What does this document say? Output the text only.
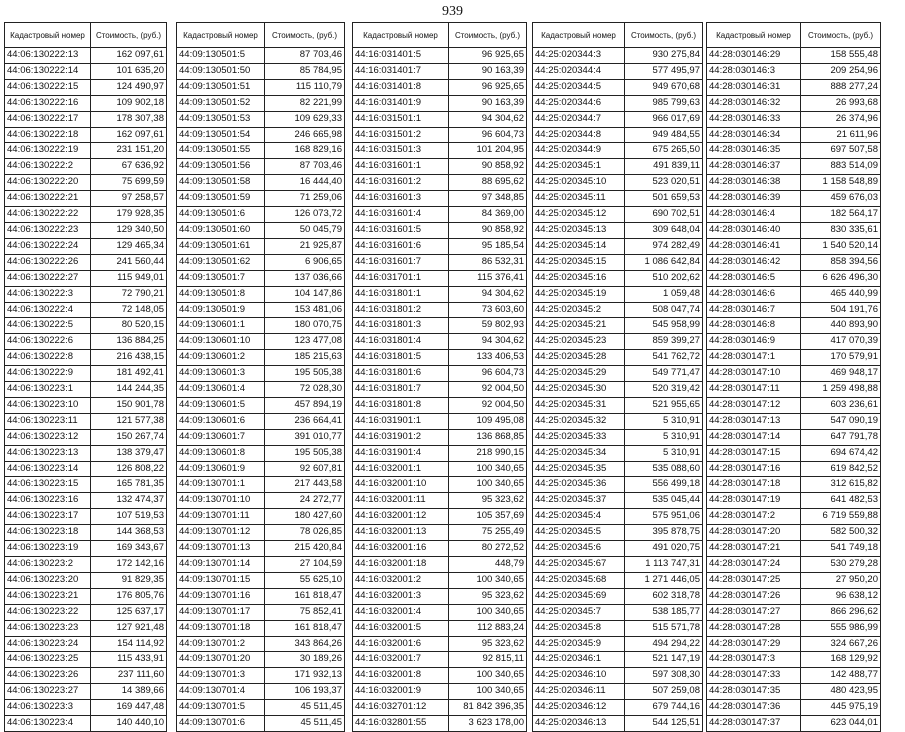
939
Кадастровый номер	Стоимость, (руб.)
44:06:130222:13	162 097,61
44:06:130222:14	101 635,20
44:06:130222:15	124 490,97
44:06:130222:16	109 902,18
44:06:130222:17	178 307,38
44:06:130222:18	162 097,61
44:06:130222:19	231 151,20
44:06:130222:2	67 636,92
44:06:130222:20	75 699,59
44:06:130222:21	97 258,57
44:06:130222:22	179 928,35
44:06:130222:23	129 340,50
44:06:130222:24	129 465,34
44:06:130222:26	241 560,44
44:06:130222:27	115 949,01
44:06:130222:3	72 790,21
44:06:130222:4	72 148,05
44:06:130222:5	80 520,15
44:06:130222:6	136 884,25
44:06:130222:8	216 438,15
44:06:130222:9	181 492,41
44:06:130223:1	144 244,35
44:06:130223:10	150 901,78
44:06:130223:11	121 577,38
44:06:130223:12	150 267,74
44:06:130223:13	138 379,47
44:06:130223:14	126 808,22
44:06:130223:15	165 781,35
44:06:130223:16	132 474,37
44:06:130223:17	107 519,53
44:06:130223:18	144 368,53
44:06:130223:19	169 343,67
44:06:130223:2	172 142,16
44:06:130223:20	91 829,35
44:06:130223:21	176 805,76
44:06:130223:22	125 637,17
44:06:130223:23	127 921,48
44:06:130223:24	154 114,92
44:06:130223:25	115 433,91
44:06:130223:26	237 111,60
44:06:130223:27	14 389,66
44:06:130223:3	169 447,48
44:06:130223:4	140 440,10
Кадастровый номер	Стоимость, (руб.)
44:09:130501:5	87 703,46
44:09:130501:50	85 784,95
44:09:130501:51	115 110,79
44:09:130501:52	82 221,99
44:09:130501:53	109 629,33
44:09:130501:54	246 665,98
44:09:130501:55	168 829,16
44:09:130501:56	87 703,46
44:09:130501:58	16 444,40
44:09:130501:59	71 259,06
44:09:130501:6	126 073,72
44:09:130501:60	50 045,79
44:09:130501:61	21 925,87
44:09:130501:62	6 906,65
44:09:130501:7	137 036,66
44:09:130501:8	104 147,86
44:09:130501:9	153 481,06
44:09:130601:1	180 070,75
44:09:130601:10	123 477,08
44:09:130601:2	185 215,63
44:09:130601:3	195 505,38
44:09:130601:4	72 028,30
44:09:130601:5	457 894,19
44:09:130601:6	236 664,41
44:09:130601:7	391 010,77
44:09:130601:8	195 505,38
44:09:130601:9	92 607,81
44:09:130701:1	217 443,58
44:09:130701:10	24 272,77
44:09:130701:11	180 427,60
44:09:130701:12	78 026,85
44:09:130701:13	215 420,84
44:09:130701:14	27 104,59
44:09:130701:15	55 625,10
44:09:130701:16	161 818,47
44:09:130701:17	75 852,41
44:09:130701:18	161 818,47
44:09:130701:2	343 864,26
44:09:130701:20	30 189,26
44:09:130701:3	171 932,13
44:09:130701:4	106 193,37
44:09:130701:5	45 511,45
44:09:130701:6	45 511,45
Кадастровый номер	Стоимость, (руб.)
44:16:031401:5	96 925,65
44:16:031401:7	90 163,39
44:16:031401:8	96 925,65
44:16:031401:9	90 163,39
44:16:031501:1	94 304,62
44:16:031501:2	96 604,73
44:16:031501:3	101 204,95
44:16:031601:1	90 858,92
44:16:031601:2	88 695,62
44:16:031601:3	97 348,85
44:16:031601:4	84 369,00
44:16:031601:5	90 858,92
44:16:031601:6	95 185,54
44:16:031601:7	86 532,31
44:16:031701:1	115 376,41
44:16:031801:1	94 304,62
44:16:031801:2	73 603,60
44:16:031801:3	59 802,93
44:16:031801:4	94 304,62
44:16:031801:5	133 406,53
44:16:031801:6	96 604,73
44:16:031801:7	92 004,50
44:16:031801:8	92 004,50
44:16:031901:1	109 495,08
44:16:031901:2	136 868,85
44:16:031901:4	218 990,15
44:16:032001:1	100 340,65
44:16:032001:10	100 340,65
44:16:032001:11	95 323,62
44:16:032001:12	105 357,69
44:16:032001:13	75 255,49
44:16:032001:16	80 272,52
44:16:032001:18	448,79
44:16:032001:2	100 340,65
44:16:032001:3	95 323,62
44:16:032001:4	100 340,65
44:16:032001:5	112 883,24
44:16:032001:6	95 323,62
44:16:032001:7	92 815,11
44:16:032001:8	100 340,65
44:16:032001:9	100 340,65
44:16:032701:12	81 842 396,35
44:16:032801:55	3 623 178,00
Кадастровый номер	Стоимость, (руб.)
44:25:020344:3	930 275,84
44:25:020344:4	577 495,97
44:25:020344:5	949 670,68
44:25:020344:6	985 799,63
44:25:020344:7	966 017,69
44:25:020344:8	949 484,55
44:25:020344:9	675 265,50
44:25:020345:1	491 839,11
44:25:020345:10	523 020,51
44:25:020345:11	501 659,53
44:25:020345:12	690 702,51
44:25:020345:13	309 648,04
44:25:020345:14	974 282,49
44:25:020345:15	1 086 642,84
44:25:020345:16	510 202,62
44:25:020345:19	1 059,48
44:25:020345:2	508 047,74
44:25:020345:21	545 958,99
44:25:020345:23	859 399,27
44:25:020345:28	541 762,72
44:25:020345:29	549 771,47
44:25:020345:30	520 319,42
44:25:020345:31	521 955,65
44:25:020345:32	5 310,91
44:25:020345:33	5 310,91
44:25:020345:34	5 310,91
44:25:020345:35	535 088,60
44:25:020345:36	556 499,18
44:25:020345:37	535 045,44
44:25:020345:4	575 951,06
44:25:020345:5	395 878,75
44:25:020345:6	491 020,75
44:25:020345:67	1 113 747,31
44:25:020345:68	1 271 446,05
44:25:020345:69	602 318,78
44:25:020345:7	538 185,77
44:25:020345:8	515 571,78
44:25:020345:9	494 294,22
44:25:020346:1	521 147,19
44:25:020346:10	597 308,30
44:25:020346:11	507 259,08
44:25:020346:12	679 744,16
44:25:020346:13	544 125,51
Кадастровый номер	Стоимость, (руб.)
44:28:030146:29	158 555,48
44:28:030146:3	209 254,96
44:28:030146:31	888 277,24
44:28:030146:32	26 993,68
44:28:030146:33	26 374,96
44:28:030146:34	21 611,96
44:28:030146:35	697 507,58
44:28:030146:37	883 514,09
44:28:030146:38	1 158 548,89
44:28:030146:39	459 676,03
44:28:030146:4	182 564,17
44:28:030146:40	830 335,61
44:28:030146:41	1 540 520,14
44:28:030146:42	858 394,56
44:28:030146:5	6 626 496,30
44:28:030146:6	465 440,99
44:28:030146:7	504 191,76
44:28:030146:8	440 893,90
44:28:030146:9	417 070,39
44:28:030147:1	170 579,91
44:28:030147:10	469 948,17
44:28:030147:11	1 259 498,88
44:28:030147:12	603 236,61
44:28:030147:13	547 090,19
44:28:030147:14	647 791,78
44:28:030147:15	694 674,42
44:28:030147:16	619 842,52
44:28:030147:18	312 615,82
44:28:030147:19	641 482,53
44:28:030147:2	6 719 559,88
44:28:030147:20	582 500,32
44:28:030147:21	541 749,18
44:28:030147:24	530 279,28
44:28:030147:25	27 950,20
44:28:030147:26	96 638,12
44:28:030147:27	866 296,62
44:28:030147:28	555 986,99
44:28:030147:29	324 667,26
44:28:030147:3	168 129,92
44:28:030147:33	142 488,77
44:28:030147:35	480 423,95
44:28:030147:36	445 975,19
44:28:030147:37	623 044,01
